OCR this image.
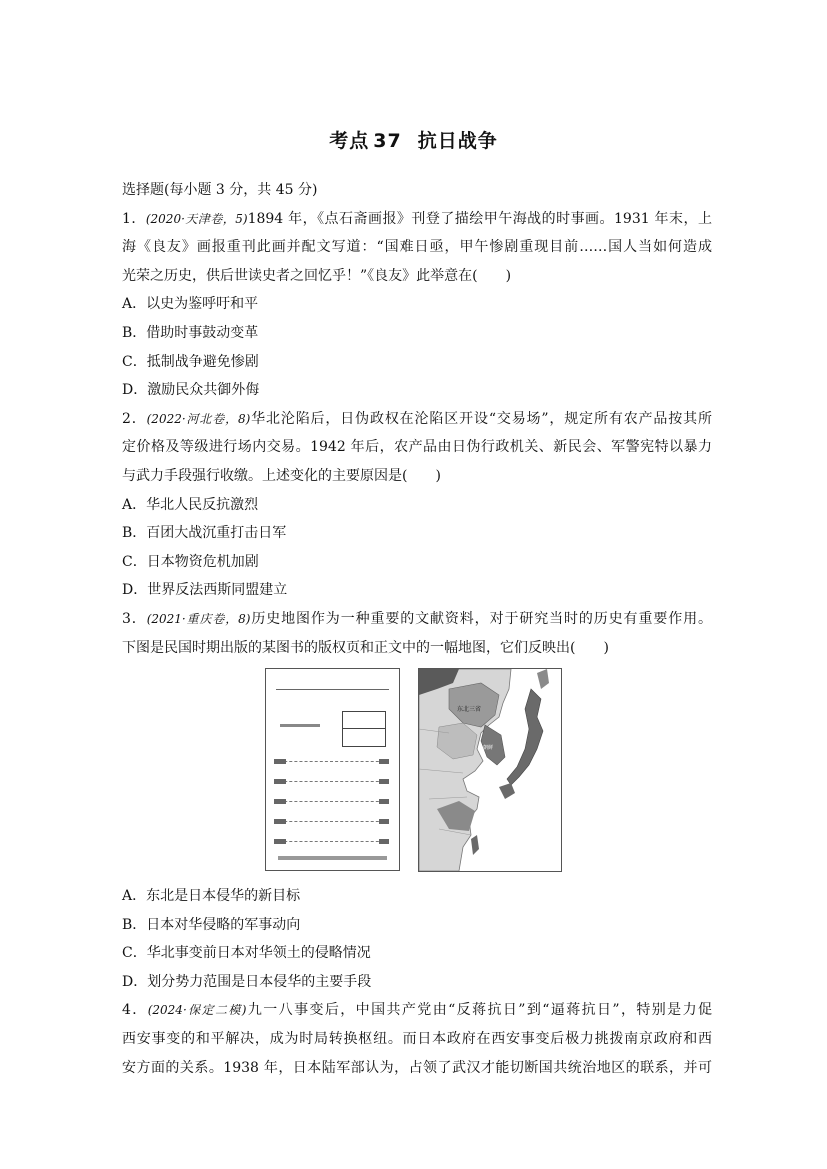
考点 37 抗日战争
选择题(每小题 3 分，共 45 分)
1．(2020·天津卷，5)1894 年，《点石斋画报》刊登了描绘甲午海战的时事画。1931 年末，上
海《良友》画报重刊此画并配文写道：“国难日亟，甲午惨剧重现目前……国人当如何造成
光荣之历史，供后世读史者之回忆乎！”《良友》此举意在(　　)
A．以史为鉴呼吁和平
B．借助时事鼓动变革
C．抵制战争避免惨剧
D．激励民众共御外侮
2．(2022·河北卷，8)华北沦陷后，日伪政权在沦陷区开设“交易场”，规定所有农产品按其所
定价格及等级进行场内交易。1942 年后，农产品由日伪行政机关、新民会、军警宪特以暴力
与武力手段强行收缴。上述变化的主要原因是(　　)
A．华北人民反抗激烈
B．百团大战沉重打击日军
C．日本物资危机加剧
D．世界反法西斯同盟建立
3．(2021·重庆卷，8)历史地图作为一种重要的文献资料，对于研究当时的历史有重要作用。
下图是民国时期出版的某图书的版权页和正文中的一幅地图，它们反映出(　　)
东北三省
朝鲜
A．东北是日本侵华的新目标
B．日本对华侵略的军事动向
C．华北事变前日本对华领土的侵略情况
D．划分势力范围是日本侵华的主要手段
4．(2024·保定二模)九一八事变后，中国共产党由“反蒋抗日”到“逼蒋抗日”，特别是力促
西安事变的和平解决，成为时局转换枢纽。而日本政府在西安事变后极力挑拨南京政府和西
安方面的关系。1938 年，日本陆军部认为，占领了武汉才能切断国共统治地区的联系，并可
